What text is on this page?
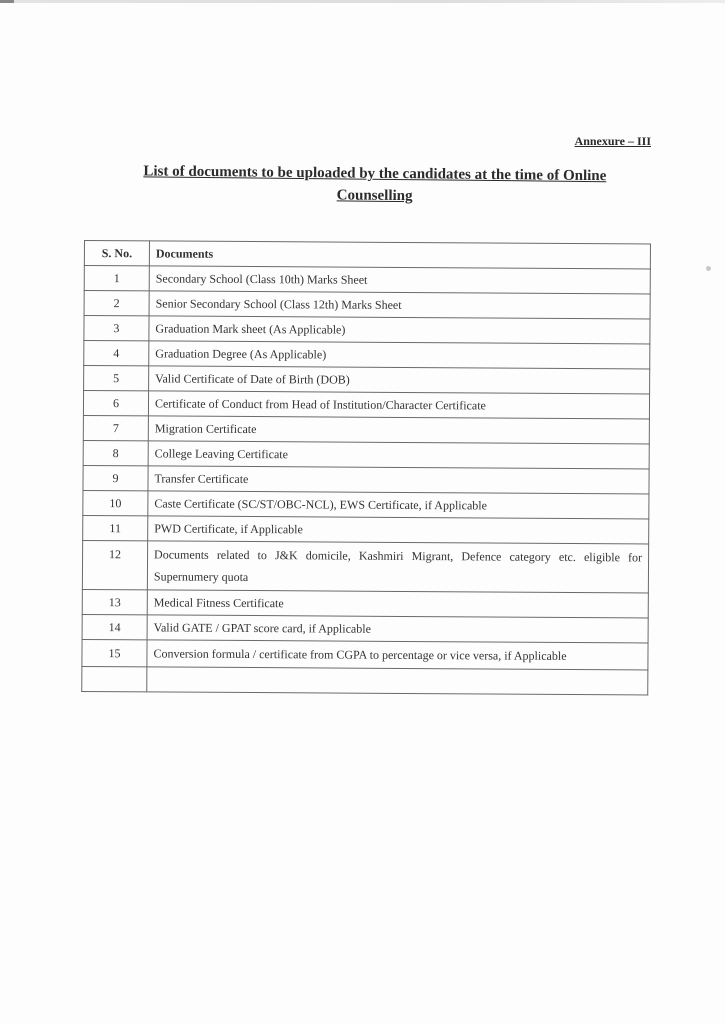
Annexure – III
List of documents to be uploaded by the candidates at the time of Online
Counselling
S. No.	Documents
1	Secondary School (Class 10th) Marks Sheet
2	Senior Secondary School (Class 12th) Marks Sheet
3	Graduation Mark sheet (As Applicable)
4	Graduation Degree (As Applicable)
5	Valid Certificate of Date of Birth (DOB)
6	Certificate of Conduct from Head of Institution/Character Certificate
7	Migration Certificate
8	College Leaving Certificate
9	Transfer Certificate
10	Caste Certificate (SC/ST/OBC-NCL), EWS Certificate, if Applicable
11	PWD Certificate, if Applicable
12	Documents related to J&K domicile, Kashmiri Migrant, Defence category etc. eligible for Supernumery quota
13	Medical Fitness Certificate
14	Valid GATE / GPAT score card, if Applicable
15	Conversion formula / certificate from CGPA to percentage or vice versa, if Applicable
